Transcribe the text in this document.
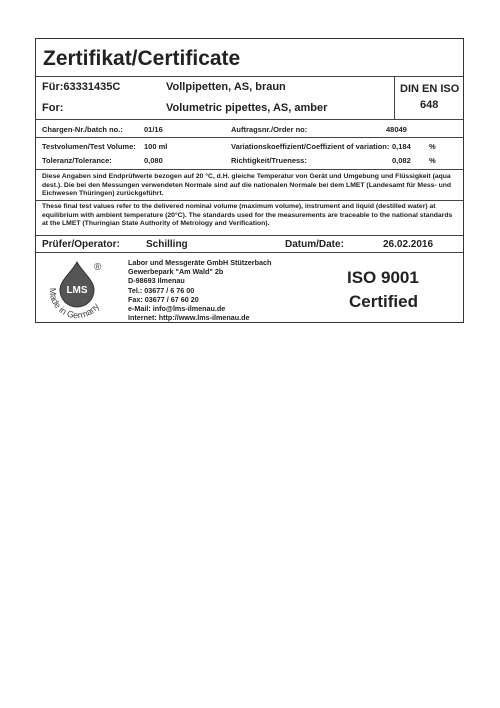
Zertifikat/Certificate
Für:63331435C	Vollpipetten, AS, braun
For:	Volumetric pipettes, AS, amber
DIN EN ISO
648
Chargen-Nr./batch no.:	01/16	Auftragsnr./Order no:	48049
Testvolumen/Test Volume: 100 ml	Variationskoeffizient/Coeffizient of variation: 0,184 %
Toleranz/Tolerance:	0,080	Richtigkeit/Trueness:	0,082 %
Diese Angaben sind Endprüfwerte bezogen auf 20 °C, d.H. gleiche Temperatur von Gerät und Umgebung und Flüssigkeit (aqua dest.). Die bei den Messungen verwendeten Normale sind auf die nationalen Normale bei dem LMET (Landesamt für Mess- und Eichwesen Thüringen) zurückgeführt.
These final test values refer to the delivered nominal volume (maximum volume), instrument and liquid (destilled water) at equilibrium with ambient temperature (20°C). The standards used for the measurements are traceable to the national standards at the LMET (Thuringian State Authority of Metrology and Verification).
Prüfer/Operator:	Schilling	Datum/Date:	26.02.2016
LMS
Made in Germany
®	Labor und Messgeräte GmbH Stützerbach
Gewerbepark "Am Wald" 2b
D-98693 Ilmenau
Tel.: 03677 / 6 76 00
Fax: 03677 / 67 60 20
e-Mail: info@lms-ilmenau.de
Internet: http://www.lms-ilmenau.de
ISO 9001
Certified
